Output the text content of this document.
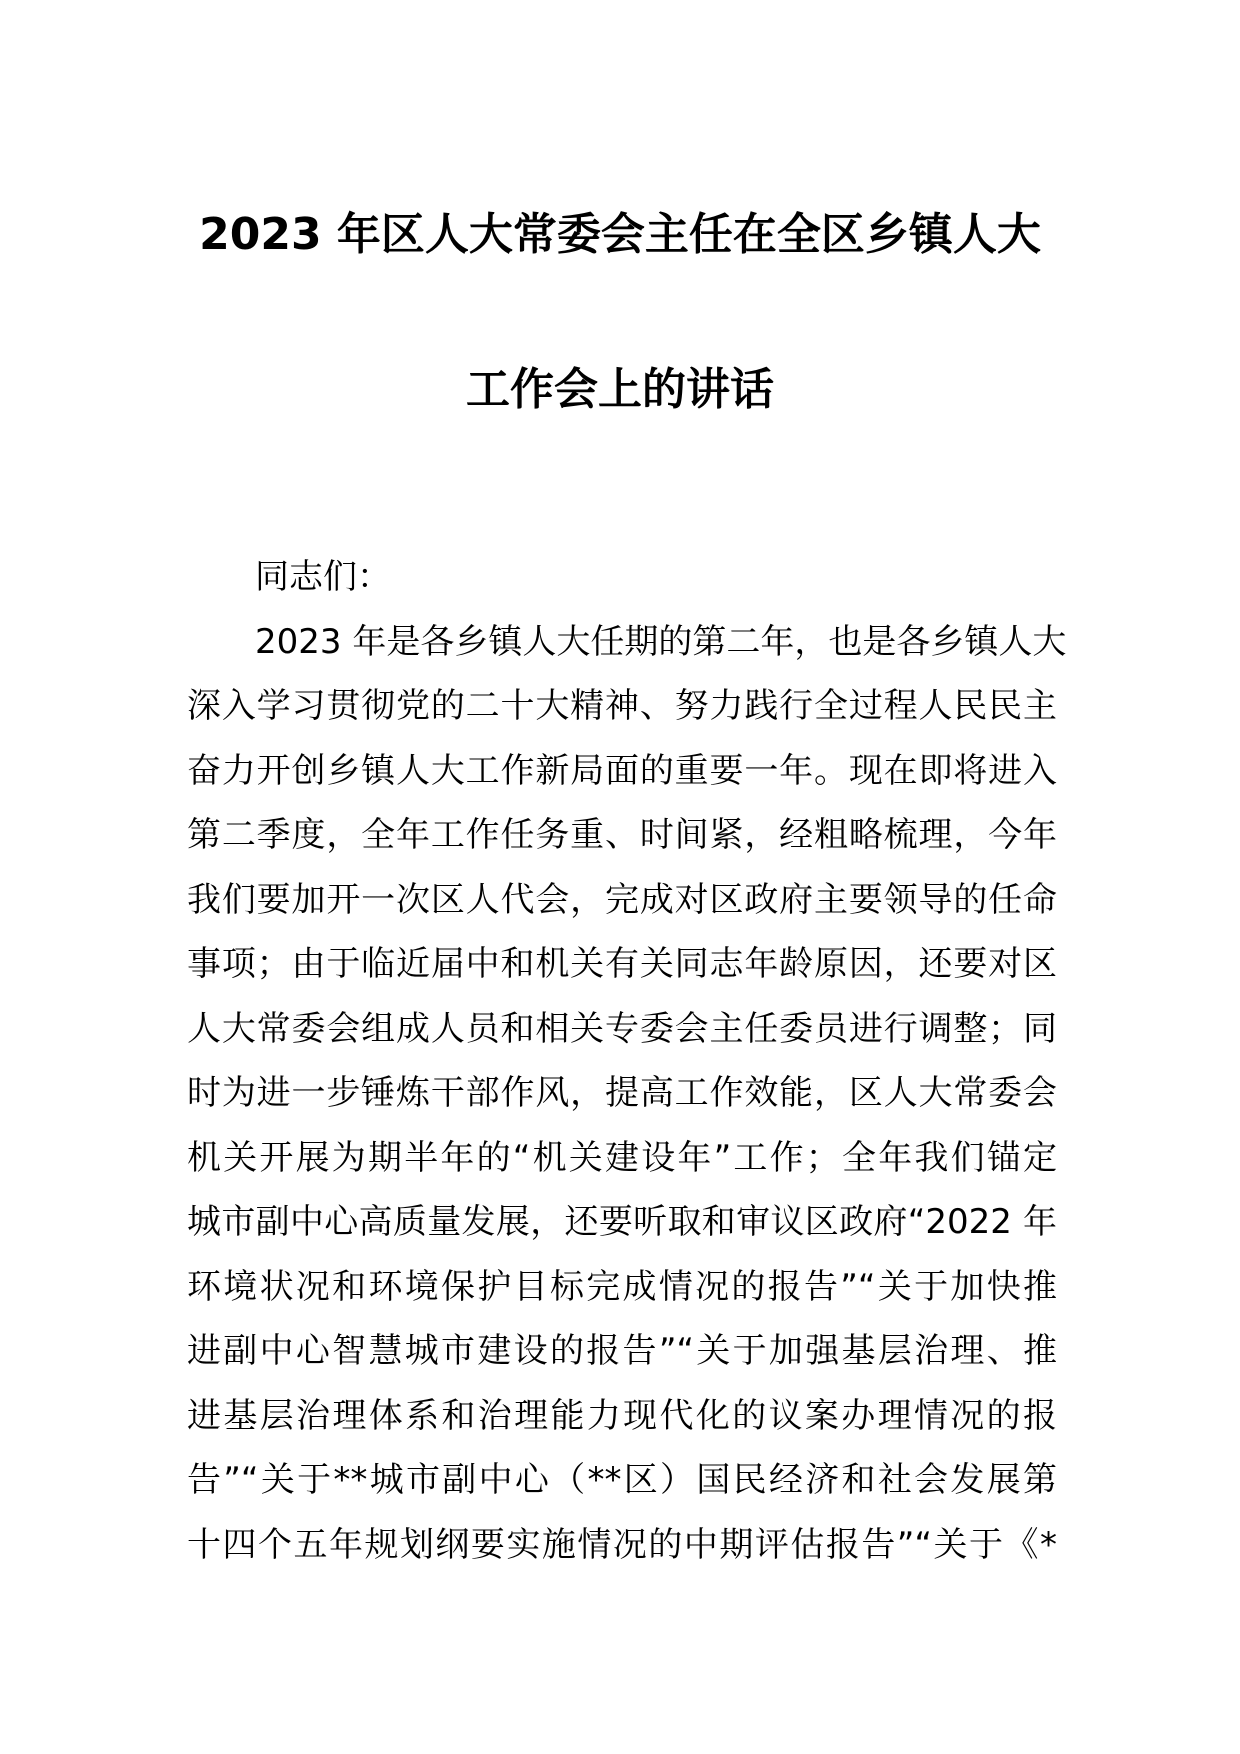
2023 年区人大常委会主任在全区乡镇人大
工作会上的讲话
同志们：
2023 年是各乡镇人大任期的第二年，也是各乡镇人大
深入学习贯彻党的二十大精神、努力践行全过程人民民主
奋力开创乡镇人大工作新局面的重要一年。现在即将进入
第二季度，全年工作任务重、时间紧，经粗略梳理，今年
我们要加开一次区人代会，完成对区政府主要领导的任命
事项；由于临近届中和机关有关同志年龄原因，还要对区
人大常委会组成人员和相关专委会主任委员进行调整；同
时为进一步锤炼干部作风，提高工作效能，区人大常委会
机关开展为期半年的“机关建设年”工作；全年我们锚定
城市副中心高质量发展，还要听取和审议区政府“2022 年
环境状况和环境保护目标完成情况的报告”“关于加快推
进副中心智慧城市建设的报告”“关于加强基层治理、推
进基层治理体系和治理能力现代化的议案办理情况的报
告”“关于**城市副中心（**区）国民经济和社会发展第
十四个五年规划纲要实施情况的中期评估报告”“关于《*
